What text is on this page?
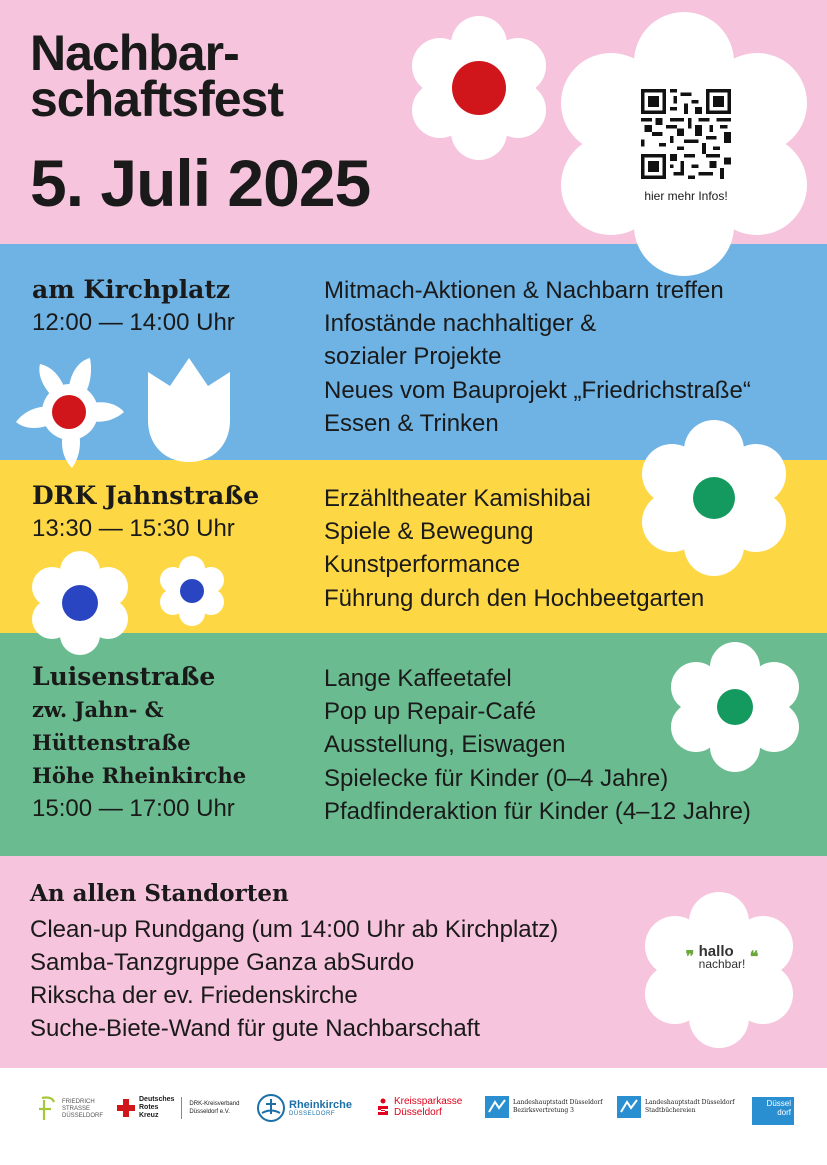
Nachbar-
schaftsfest
5. Juli 2025	hier mehr Infos!
am Kirchplatz
12:00 — 14:00 Uhr
Mitmach-Aktionen & Nachbarn treffen
Infostände nachhaltiger &
sozialer Projekte
Neues vom Bauprojekt „Friedrichstraße“
Essen & Trinken
DRK Jahnstraße
13:30 — 15:30 Uhr
Erzähltheater Kamishibai
Spiele & Bewegung
Kunstperformance
Führung durch den Hochbeetgarten
Luisenstraße
zw. Jahn- &
Hüttenstraße
Höhe Rheinkirche
15:00 — 17:00 Uhr
Lange Kaffeetafel
Pop up Repair-Café
Ausstellung, Eiswagen
Spielecke für Kinder (0–4 Jahre)
Pfadfinderaktion für Kinder (4–12 Jahre)
An allen Standorten
Clean-up Rundgang (um 14:00 Uhr ab Kirchplatz)
Samba-Tanzgruppe Ganza abSurdo
Rikscha der ev. Friedenskirche
Suche-Biete-Wand für gute Nachbarschaft
❞ hallo
nachbar! ❝
FRIEDRICH
STRASSE
DÜSSELDORF
Deutsches
Rotes
Kreuz
DRK-Kreisverband
Düsseldorf e.V.
Rheinkirche
DÜSSELDORF
Kreissparkasse
Düsseldorf
Landeshauptstadt Düsseldorf
Bezirksvertretung 3
Landeshauptstadt Düsseldorf
Stadtbüchereien
Düssel dorf
